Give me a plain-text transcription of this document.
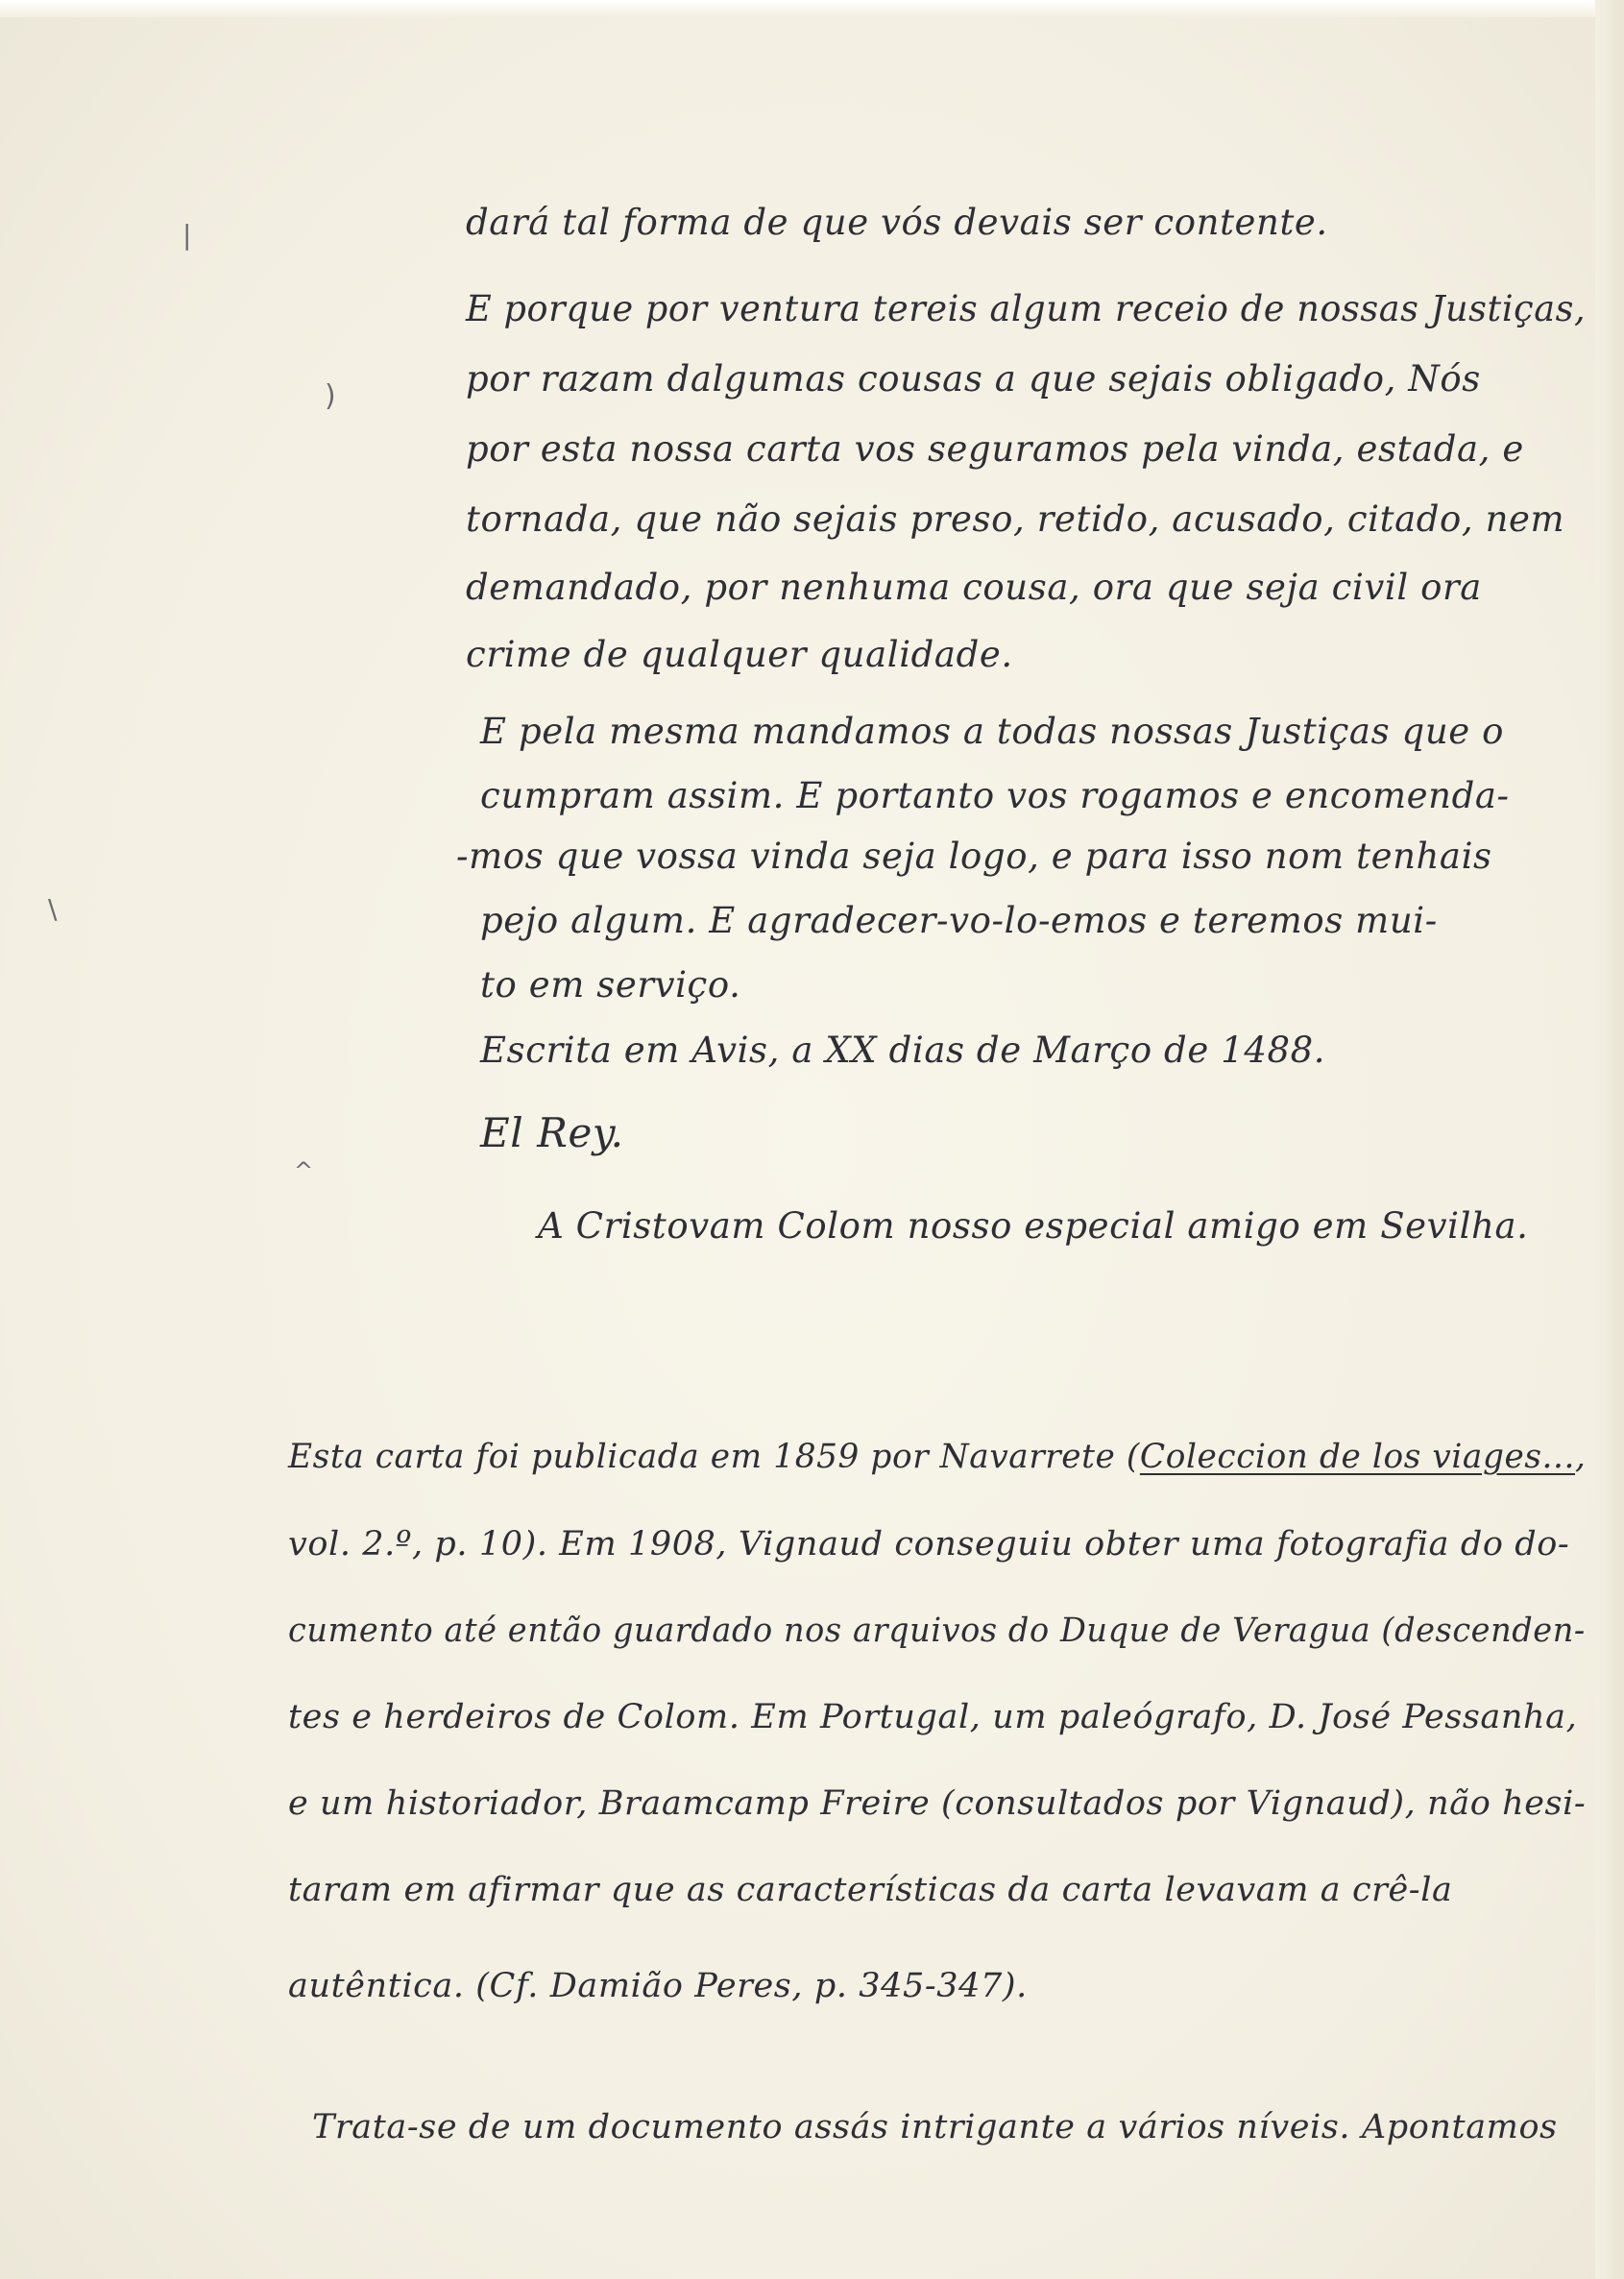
|
)
\
^
dará tal forma de que vós devais ser contente.
E porque por ventura tereis algum receio de nossas Justiças,
por razam dalgumas cousas a que sejais obligado, Nós
por esta nossa carta vos seguramos pela vinda, estada, e
tornada, que não sejais preso, retido, acusado, citado, nem
demandado, por nenhuma cousa, ora que seja civil ora
crime de qualquer qualidade.
E pela mesma mandamos a todas nossas Justiças que o
cumpram assim. E portanto vos rogamos e encomenda-
-mos que vossa vinda seja logo, e para isso nom tenhais
pejo algum. E agradecer-vo-lo-emos e teremos mui-
to em serviço.
Escrita em Avis, a XX dias de Março de 1488.
El Rey.
A Cristovam Colom nosso especial amigo em Sevilha.
Esta carta foi publicada em 1859 por Navarrete (Coleccion de los viages...,
vol. 2.º, p. 10). Em 1908, Vignaud conseguiu obter uma fotografia do do-
cumento até então guardado nos arquivos do Duque de Veragua (descenden-
tes e herdeiros de Colom. Em Portugal, um paleógrafo, D. José Pessanha,
e um historiador, Braamcamp Freire (consultados por Vignaud), não hesi-
taram em afirmar que as características da carta levavam a crê-la
autêntica. (Cf. Damião Peres, p. 345-347).
Trata-se de um documento assás intrigante a vários níveis. Apontamos
